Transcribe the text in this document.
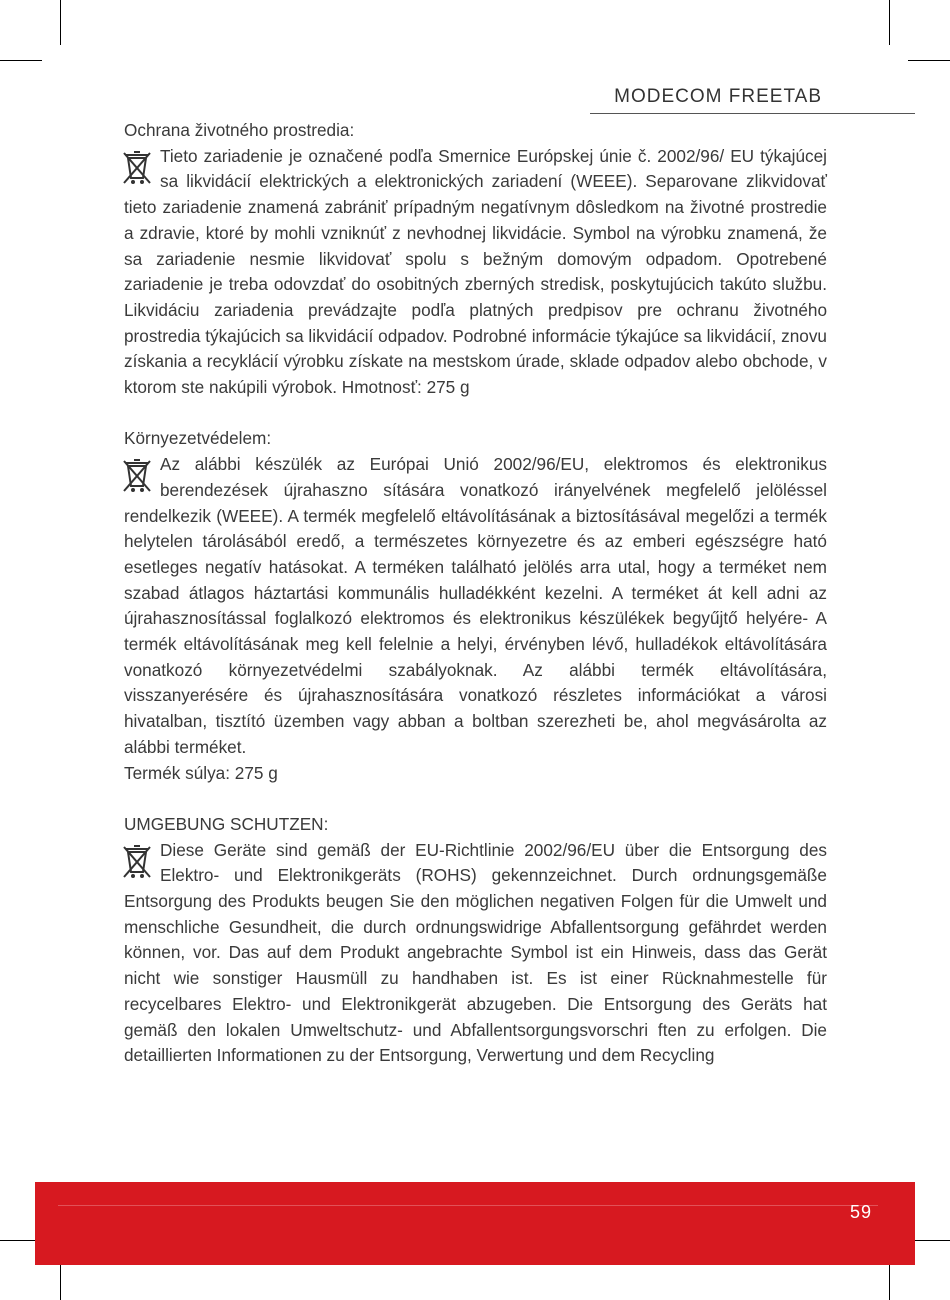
MODECOM FREETAB

Ochrana životného prostredia:

Tieto zariadenie je označené podľa Smernice Európskej únie č. 2002/96/ EU týkajúcej sa likvidácií elektrických a elektronických zariadení (WEEE). Separovane zlikvidovať tieto zariadenie znamená zabrániť prípadným negatívnym dôsledkom na životné prostredie a zdravie, ktoré by mohli vzniknúť z nevhodnej likvidácie. Symbol na výrobku znamená, že sa zariadenie nesmie likvidovať spolu s bežným domovým odpadom. Opotrebené zariadenie je treba odovzdať do osobitných zberných stredisk, poskytujúcich takúto službu. Likvidáciu zariadenia prevádzajte podľa platných predpisov pre ochranu životného prostredia týkajúcich sa likvidácií odpadov. Podrobné informácie týkajúce sa likvidácií, znovu získania a recyklácií výrobku získate na mestskom úrade, sklade odpadov alebo obchode, v ktorom ste nakúpili výrobok. Hmotnosť: 275 g

Környezetvédelem:

Az alábbi készülék az Európai Unió 2002/96/EU, elektromos és elektronikus berendezések újrahaszno sítására vonatkozó irányelvének megfelelő jelöléssel rendelkezik (WEEE). A termék megfelelő eltávolításának a biztosításával megelőzi a termék helytelen tárolásából eredő, a természetes környezetre és az emberi egészségre ható esetleges negatív hatásokat. A terméken található jelölés arra utal, hogy a terméket nem szabad átlagos háztartási kommunális hulladékként kezelni. A terméket át kell adni az újrahasznosítással foglalkozó elektromos és elektronikus készülékek begyűjtő helyére- A termék eltávolításának meg kell felelnie a helyi, érvényben lévő, hulladékok eltávolítására vonatkozó környezetvédelmi szabályoknak. Az alábbi termék eltávolítására, visszanyerésére és újrahasznosítására vonatkozó részletes információkat a városi hivatalban, tisztító üzemben vagy abban a boltban szerezheti be, ahol megvásárolta az alábbi terméket.

Termék súlya: 275 g

UMGEBUNG SCHUTZEN:

Diese Geräte sind gemäß der EU-Richtlinie 2002/96/EU über die Entsorgung des Elektro- und Elektronikgeräts (ROHS) gekennzeichnet. Durch ordnungsgemäße Entsorgung des Produkts beugen Sie den möglichen negativen Folgen für die Umwelt und menschliche Gesundheit, die durch ordnungswidrige Abfallentsorgung gefährdet werden können, vor. Das auf dem Produkt angebrachte Symbol ist ein Hinweis, dass das Gerät nicht wie sonstiger Hausmüll zu handhaben ist. Es ist einer Rücknahmestelle für recycelbares Elektro- und Elektronikgerät abzugeben. Die Entsorgung des Geräts hat gemäß den lokalen Umweltschutz- und Abfallentsorgungsvorschri ften zu erfolgen. Die detaillierten Informationen zu der Entsorgung, Verwertung und dem Recycling

59
